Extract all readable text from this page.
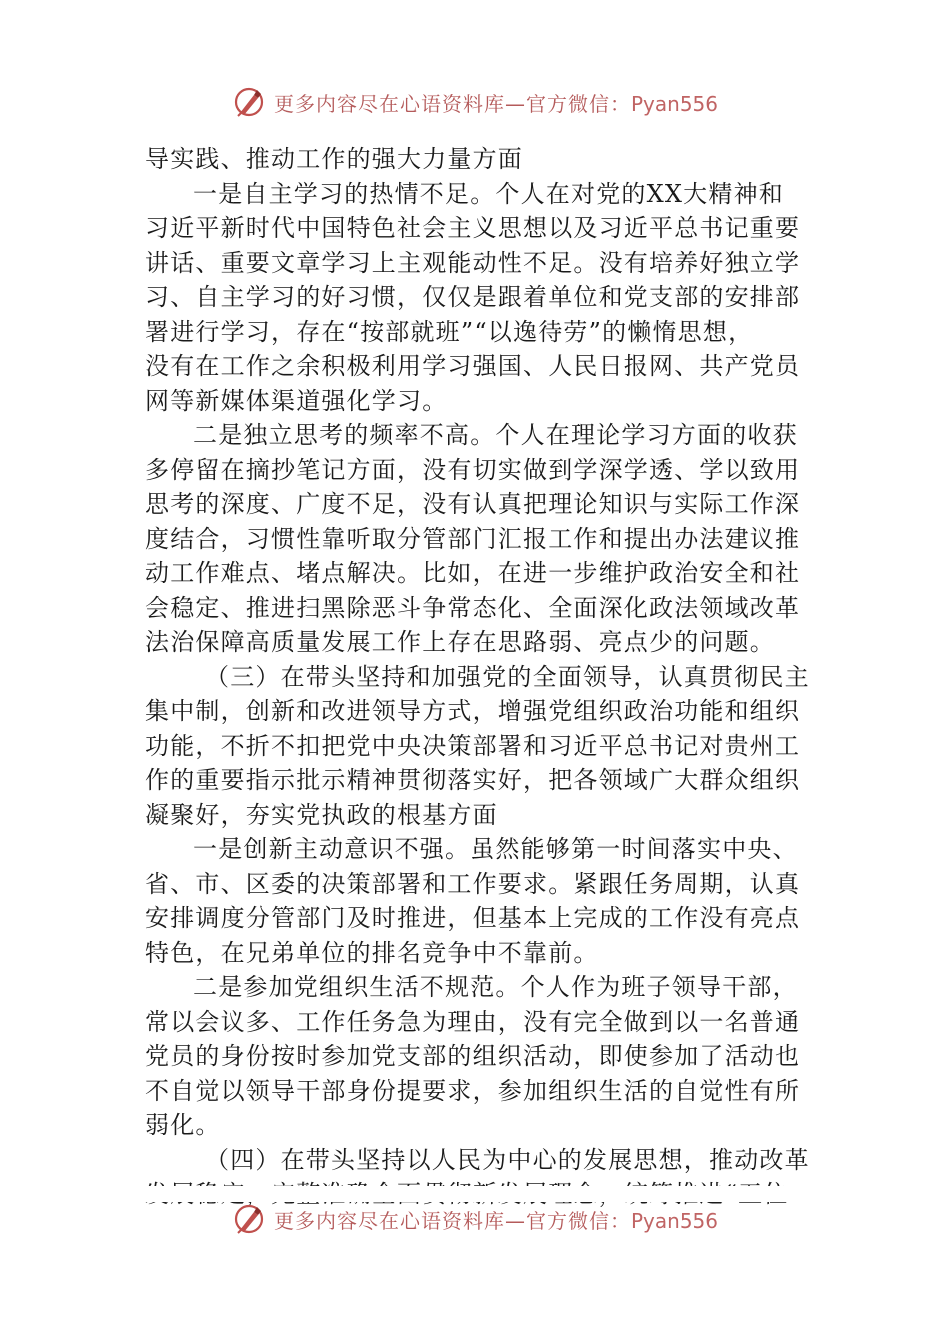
更多内容尽在心语资料库—官方微信：Pyan556
导实践、推动工作的强大力量方面
一是自主学习的热情不足。个人在对党的XX大精神和
习近平新时代中国特色社会主义思想以及习近平总书记重要
讲话、重要文章学习上主观能动性不足。没有培养好独立学
习、自主学习的好习惯，仅仅是跟着单位和党支部的安排部
署进行学习，存在“按部就班”“以逸待劳”的懒惰思想，
没有在工作之余积极利用学习强国、人民日报网、共产党员
网等新媒体渠道强化学习。
二是独立思考的频率不高。个人在理论学习方面的收获
多停留在摘抄笔记方面，没有切实做到学深学透、学以致用
思考的深度、广度不足，没有认真把理论知识与实际工作深
度结合，习惯性靠听取分管部门汇报工作和提出办法建议推
动工作难点、堵点解决。比如，在进一步维护政治安全和社
会稳定、推进扫黑除恶斗争常态化、全面深化政法领域改革
法治保障高质量发展工作上存在思路弱、亮点少的问题。
（三）在带头坚持和加强党的全面领导，认真贯彻民主
集中制，创新和改进领导方式，增强党组织政治功能和组织
功能，不折不扣把党中央决策部署和习近平总书记对贵州工
作的重要指示批示精神贯彻落实好，把各领域广大群众组织
凝聚好，夯实党执政的根基方面
一是创新主动意识不强。虽然能够第一时间落实中央、
省、市、区委的决策部署和工作要求。紧跟任务周期，认真
安排调度分管部门及时推进，但基本上完成的工作没有亮点
特色，在兄弟单位的排名竞争中不靠前。
二是参加党组织生活不规范。个人作为班子领导干部，
常以会议多、工作任务急为理由，没有完全做到以一名普通
党员的身份按时参加党支部的组织活动，即使参加了活动也
不自觉以领导干部身份提要求，参加组织生活的自觉性有所
弱化。
（四）在带头坚持以人民为中心的发展思想，推动改革
更多内容尽在心语资料库—官方微信：Pyan556
